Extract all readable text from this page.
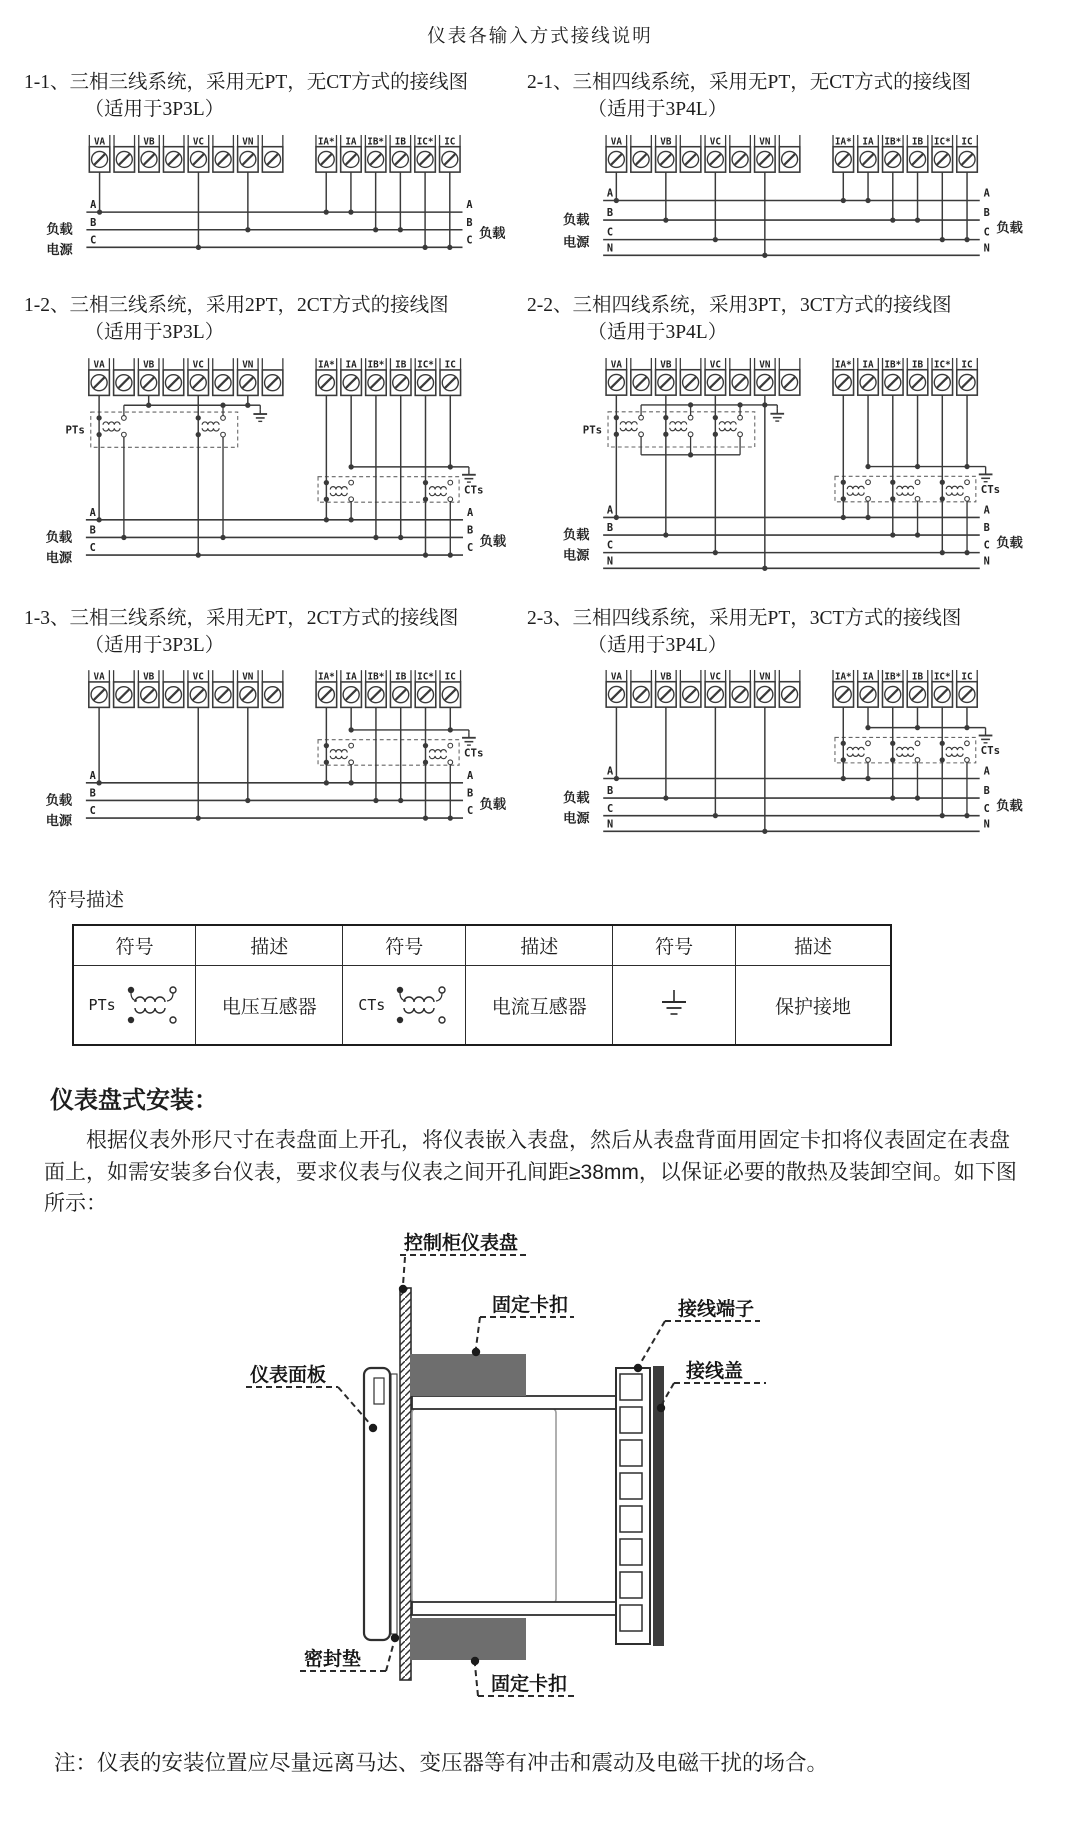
仪表各输入方式接线说明
1-1、三相三线系统，采用无PT，无CT方式的接线图
（适用于3P3L）
VA	VB	VC	VN	IA* IA IB* IB IC* IC
A	A
B	B
C	C
负载
电源
负载
2-1、三相四线系统，采用无PT，无CT方式的接线图
（适用于3P4L）
VA	VB	VC	VN	IA* IA IB* IB IC* IC
A	A
B	B
C	C
N	N
负载
电源
负载
1-2、三相三线系统，采用2PT，2CT方式的接线图
（适用于3P3L）
VA	VB	VC	VN	IA* IA IB* IB IC* IC
A	A
B	B
C	C
负载
电源
负载
PTs
CTs
2-2、三相四线系统，采用3PT，3CT方式的接线图
（适用于3P4L）
VA	VB	VC	VN	IA* IA IB* IB IC* IC
A	A
B	B
C	C
N	N
负载
电源
负载
PTs
CTs
1-3、三相三线系统，采用无PT，2CT方式的接线图
（适用于3P3L）
VA	VB	VC	VN	IA* IA IB* IB IC* IC
A	A
B	B
C	C
负载
电源
负载
CTs
2-3、三相四线系统，采用无PT，3CT方式的接线图
（适用于3P4L）
VA	VB	VC	VN	IA* IA IB* IB IC* IC
A	A
B	B
C	C
N	N
负载
电源
负载
CTs
符号描述
符号	描述	符号	描述	符号	描述

PTs	电压互感器	CTs	电流互感器		保护接地
仪表盘式安装：

根据仪表外形尺寸在表盘面上开孔，将仪表嵌入表盘，然后从表盘背面用固定卡扣将仪表固定在表盘面上，如需安装多台仪表，要求仪表与仪表之间开孔间距≥38mm，以保证必要的散热及装卸空间。如下图所示：

控制柜仪表盘
固定卡扣	接线端子
接线盖
仪表面板
密封垫
固定卡扣

注：仪表的安装位置应尽量远离马达、变压器等有冲击和震动及电磁干扰的场合。
